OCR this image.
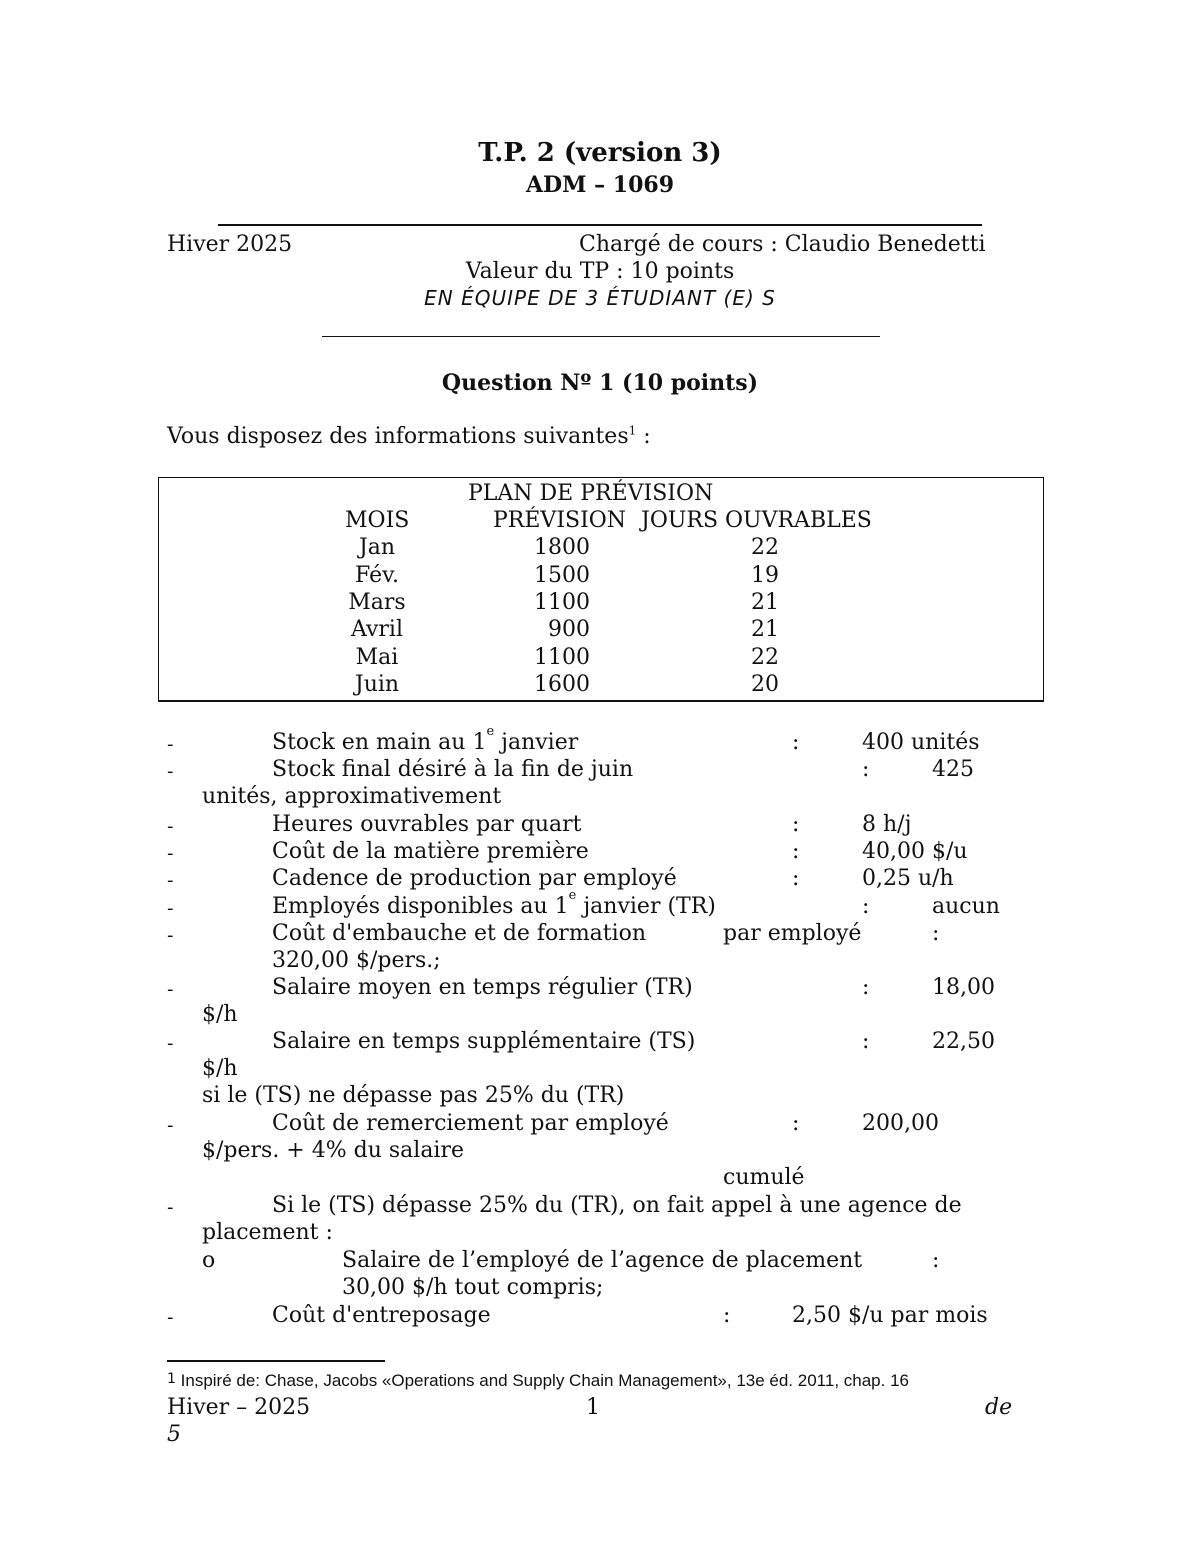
T.P. 2 (version 3)
ADM – 1069
Hiver 2025	Chargé de cours : Claudio Benedetti
Valeur du TP : 10 points
EN ÉQUIPE DE 3 ÉTUDIANT (E) S
Question Nº 1 (10 points)
Vous disposez des informations suivantes$^1$ :
PLAN DE PRÉVISION
MOIS	PRÉVISION JOURS OUVRABLES
Jan	1800	22
Fév.	1500	19
Mars	1100	21
Avril	900	21
Mai	1100	22
Juin	1600	20
-	Stock en main au 1e janvier	:	400 unités
-	Stock final désiré à la fin de juin	:	425
unités, approximativement
-	Heures ouvrables par quart	:	8 h/j
-	Coût de la matière première	:	40,00 $/u
-	Cadence de production par employé	:	0,25 u/h
-	Employés disponibles au 1e janvier (TR)	:	aucun
-	Coût d'embauche et de formation	par employé	:
320,00 $/pers.;
-	Salaire moyen en temps régulier (TR)	:	18,00
$/h
-	Salaire en temps supplémentaire (TS)	:	22,50
$/h
si le (TS) ne dépasse pas 25% du (TR)
-	Coût de remerciement par employé	:	200,00
$/pers. + 4% du salaire
cumulé
-	Si le (TS) dépasse 25% du (TR), on fait appel à une agence de
placement :
o	Salaire de l’employé de l’agence de placement	:
30,00 $/h tout compris;
-	Coût d'entreposage	:	2,50 $/u par mois
1 Inspiré de: Chase, Jacobs «Operations and Supply Chain Management», 13e éd. 2011, chap. 16
Hiver – 2025	1	de
5
